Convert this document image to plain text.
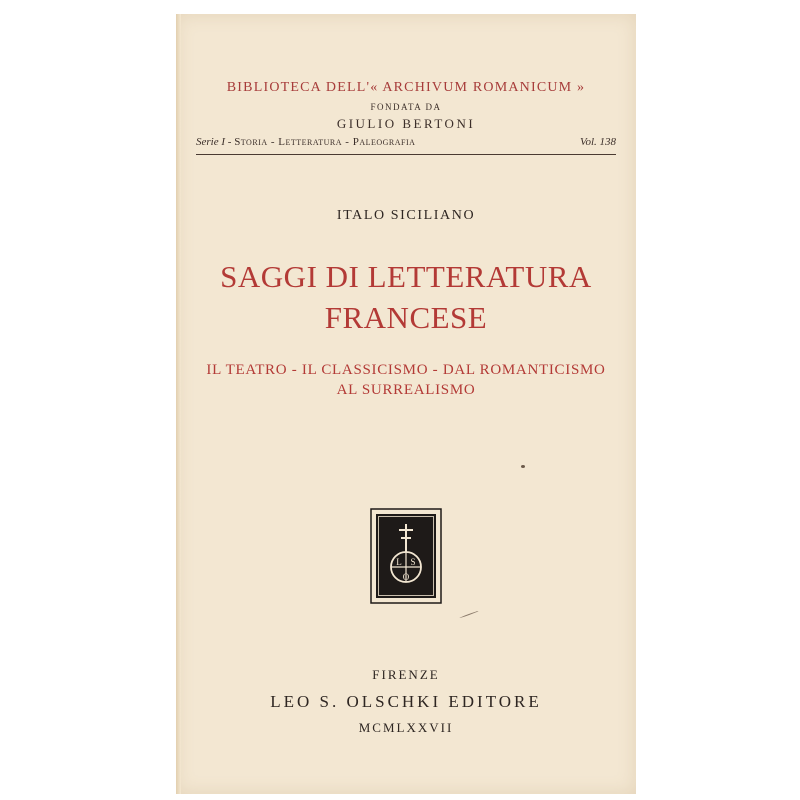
BIBLIOTECA DELL'« ARCHIVUM ROMANICUM »
FONDATA DA
GIULIO BERTONI
Serie I - Storia - Letteratura - Paleografia	Vol. 138
ITALO SICILIANO
SAGGI DI LETTERATURA
FRANCESE
IL TEATRO - IL CLASSICISMO - DAL ROMANTICISMO
AL SURREALISMO
L S
O
FIRENZE
LEO S. OLSCHKI EDITORE
MCMLXXVII
